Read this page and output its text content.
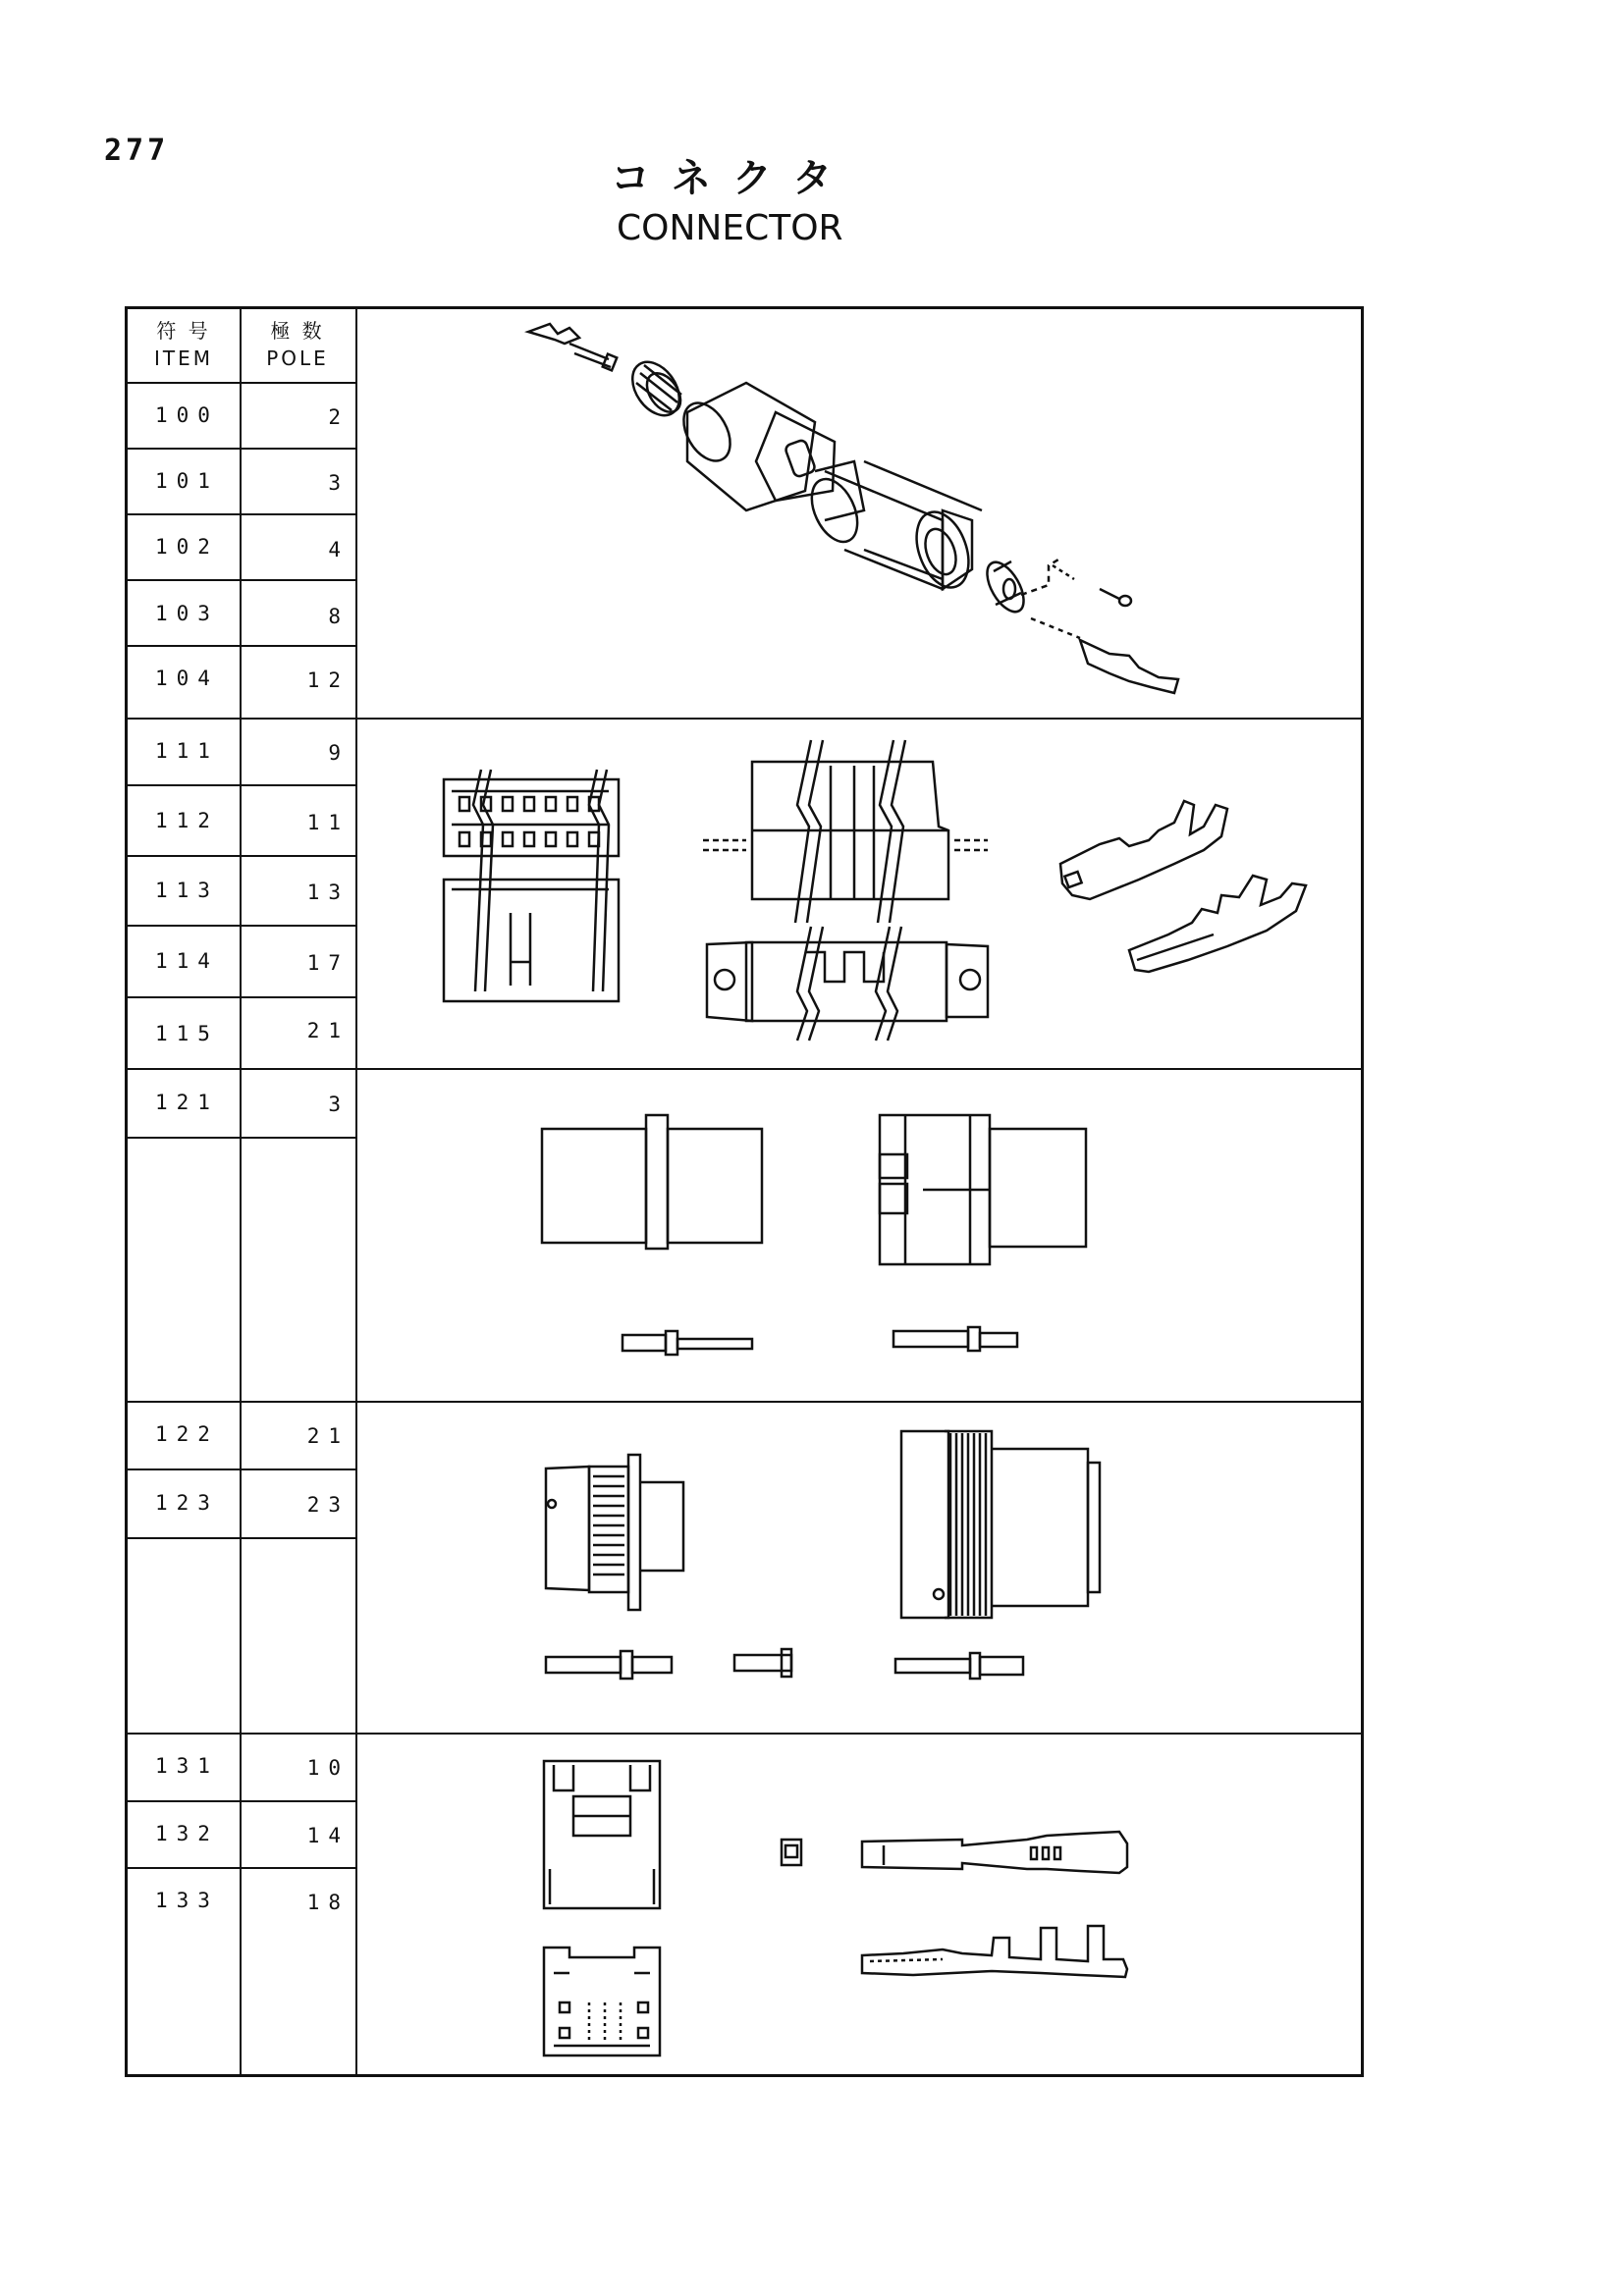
277
コネクタ
CONNECTOR
符 号
ITEM
極 数
POLE
100	2
101	3
102	4
103	8
104	12
111	9
112	11
113	13
114	17
115	21
121	3
122	21
123	23
131	10
132	14
133	18
